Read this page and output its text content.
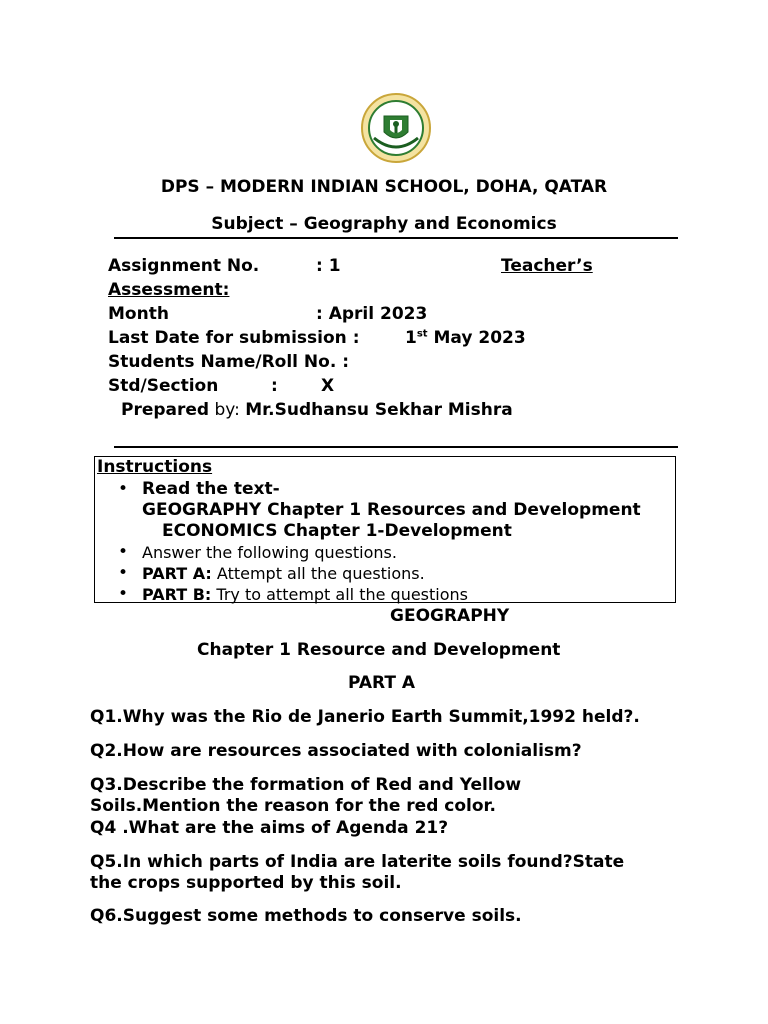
DPS – MODERN INDIAN SCHOOL, DOHA, QATAR
Subject – Geography and Economics
Assignment No.	: 1	Teacher’s
Assessment:
Month	: April 2023
Last Date for submission :	1st May 2023
Students Name/Roll No. :
Std/Section	:	X
Prepared by: Mr.Sudhansu Sekhar Mishra
Instructions
• Read the text-
GEOGRAPHY Chapter 1 Resources and Development
ECONOMICS Chapter 1-Development
• Answer the following questions.
• PART A: Attempt all the questions.
• PART B: Try to attempt all the questions
GEOGRAPHY
Chapter 1 Resource and Development
PART A
Q1.Why was the Rio de Janerio Earth Summit,1992 held?.
Q2.How are resources associated with colonialism?
Q3.Describe the formation of Red and Yellow
Soils.Mention the reason for the red color.
Q4 .What are the aims of Agenda 21?
Q5.In which parts of India are laterite soils found?State
the crops supported by this soil.
Q6.Suggest some methods to conserve soils.
